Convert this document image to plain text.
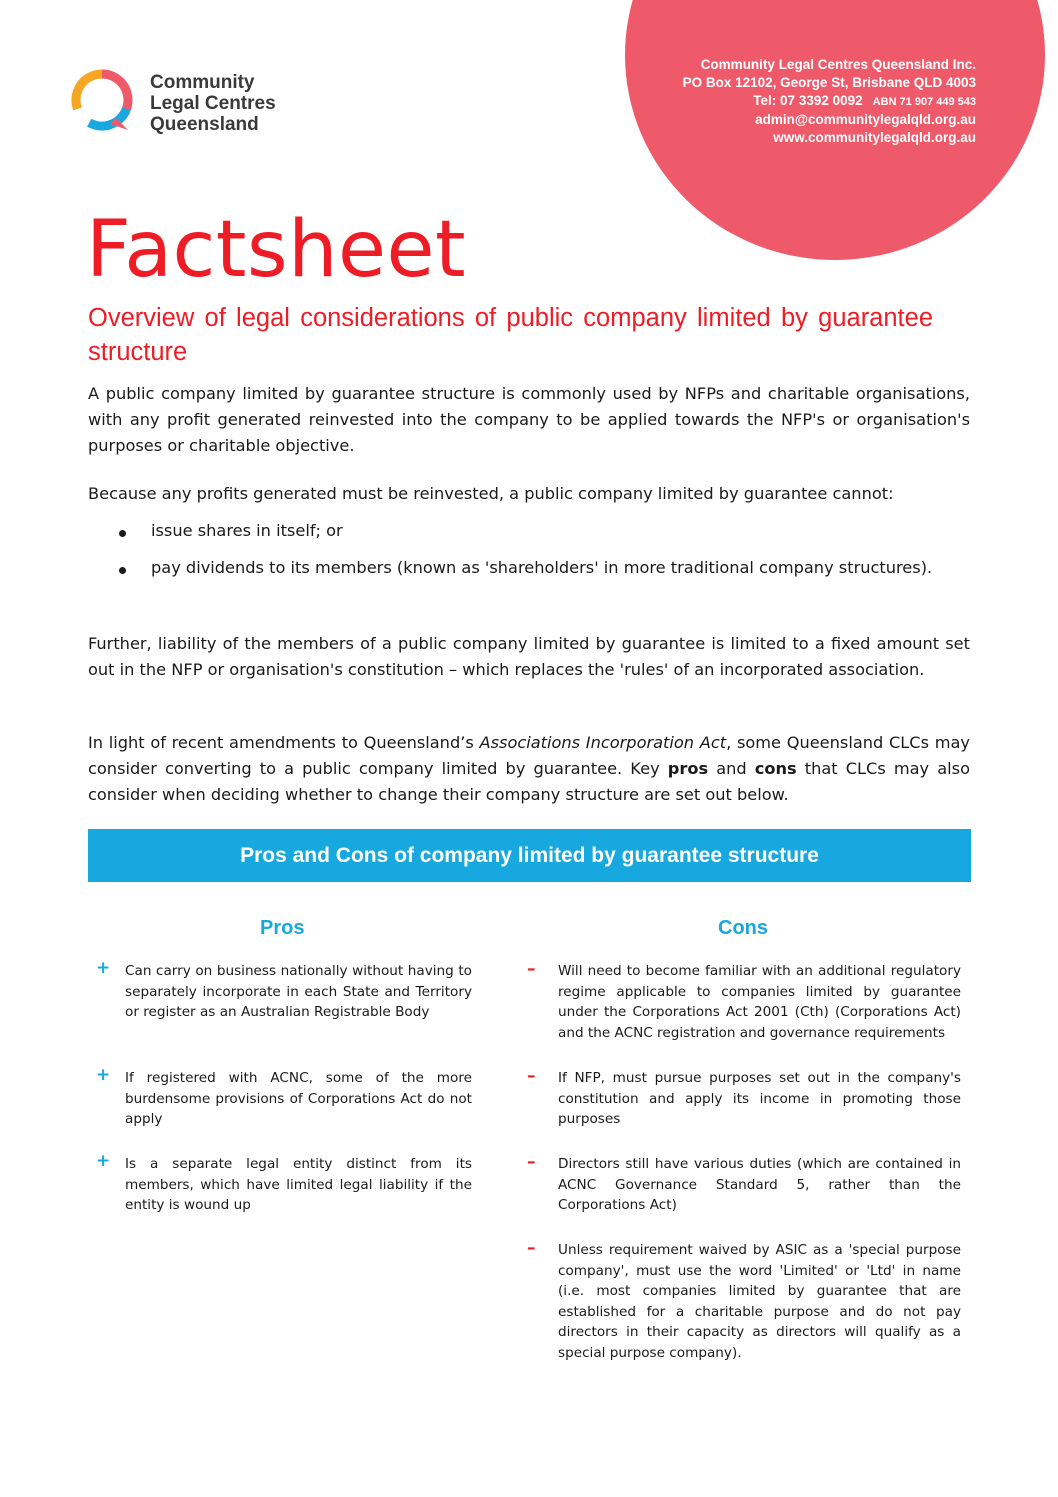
Community Legal Centres Queensland Inc.
PO Box 12102, George St, Brisbane QLD 4003
Tel: 07 3392 0092 ABN 71 907 449 543
admin@communitylegalqld.org.au
www.communitylegalqld.org.au
Community
Legal Centres
Queensland
Factsheet
Overview of legal considerations of public company limited by guarantee structure

A public company limited by guarantee structure is commonly used by NFPs and charitable organisations, with any profit generated reinvested into the company to be applied towards the NFP's or organisation's purposes or charitable objective.

Because any profits generated must be reinvested, a public company limited by guarantee cannot:

issue shares in itself; or
pay dividends to its members (known as 'shareholders' in more traditional company structures).

Further, liability of the members of a public company limited by guarantee is limited to a fixed amount set out in the NFP or organisation's constitution – which replaces the 'rules' of an incorporated association.

In light of recent amendments to Queensland’s Associations Incorporation Act, some Queensland CLCs may consider converting to a public company limited by guarantee. Key pros and cons that CLCs may also consider when deciding whether to change their company structure are set out below.

Pros and Cons of company limited by guarantee structure
Pros	Cons
+ Can carry on business nationally without having to separately incorporate in each State and Territory or register as an Australian Registrable Body
+ If registered with ACNC, some of the more burdensome provisions of Corporations Act do not apply
+ Is a separate legal entity distinct from its members, which have limited legal liability if the entity is wound up
– Will need to become familiar with an additional regulatory regime applicable to companies limited by guarantee under the Corporations Act 2001 (Cth) (Corporations Act) and the ACNC registration and governance requirements
– If NFP, must pursue purposes set out in the company's constitution and apply its income in promoting those purposes
– Directors still have various duties (which are contained in ACNC Governance Standard 5, rather than the Corporations Act)
– Unless requirement waived by ASIC as a 'special purpose company', must use the word 'Limited' or 'Ltd' in name (i.e. most companies limited by guarantee that are established for a charitable purpose and do not pay directors in their capacity as directors will qualify as a special purpose company).
